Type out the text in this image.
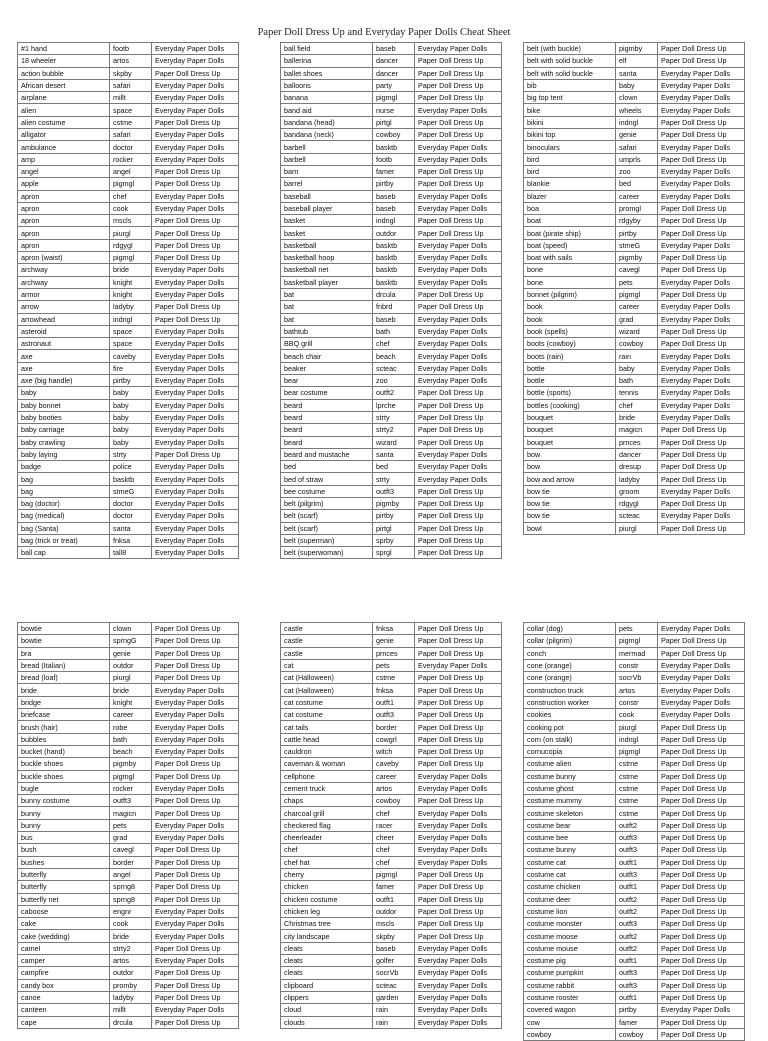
Paper Doll Dress Up and Everyday Paper Dolls Cheat Sheet
#1 hand	footb	Everyday Paper Dolls
18 wheeler	artos	Everyday Paper Dolls
action bubble	skpby	Paper Doll Dress Up
African desert	safari	Everyday Paper Dolls
airplane	millt	Everyday Paper Dolls
alien	space	Everyday Paper Dolls
alien costume	cstme	Paper Doll Dress Up
alligator	safari	Everyday Paper Dolls
ambulance	doctor	Everyday Paper Dolls
amp	rocker	Everyday Paper Dolls
angel	angel	Paper Doll Dress Up
apple	pigmgl	Paper Doll Dress Up
apron	chef	Everyday Paper Dolls
apron	cook	Everyday Paper Dolls
apron	mscls	Paper Doll Dress Up
apron	piurgl	Paper Doll Dress Up
apron	rdgygl	Paper Doll Dress Up
apron (waist)	pigmgl	Paper Doll Dress Up
archway	bride	Everyday Paper Dolls
archway	knight	Everyday Paper Dolls
armor	knight	Everyday Paper Dolls
arrow	ladyby	Paper Doll Dress Up
arrowhead	indngl	Paper Doll Dress Up
asteroid	space	Everyday Paper Dolls
astronaut	space	Everyday Paper Dolls
axe	caveby	Everyday Paper Dolls
axe	fire	Everyday Paper Dolls
axe (big handle)	pirtby	Everyday Paper Dolls
baby	baby	Everyday Paper Dolls
baby bonnet	baby	Everyday Paper Dolls
baby booties	baby	Everyday Paper Dolls
baby carriage	baby	Everyday Paper Dolls
baby crawling	baby	Everyday Paper Dolls
baby laying	strty	Paper Doll Dress Up
badge	police	Everyday Paper Dolls
bag	basktb	Everyday Paper Dolls
bag	stmeG	Everyday Paper Dolls
bag (doctor)	doctor	Everyday Paper Dolls
bag (medical)	doctor	Everyday Paper Dolls
bag (Santa)	santa	Everyday Paper Dolls
bag (trick or treat)	fnksa	Everyday Paper Dolls
ball cap	tall8	Everyday Paper Dolls
ball field	baseb	Everyday Paper Dolls
ballerina	dancer	Paper Doll Dress Up
ballet shoes	dancer	Paper Doll Dress Up
balloons	party	Paper Doll Dress Up
banana	pigmgl	Paper Doll Dress Up
band aid	nurse	Everyday Paper Dolls
bandana (head)	pirtgl	Paper Doll Dress Up
bandana (neck)	cowboy	Paper Doll Dress Up
barbell	basktb	Everyday Paper Dolls
barbell	footb	Everyday Paper Dolls
barn	famer	Paper Doll Dress Up
barrel	pirtby	Paper Doll Dress Up
baseball	baseb	Everyday Paper Dolls
baseball player	baseb	Everyday Paper Dolls
basket	indngl	Paper Doll Dress Up
basket	outdor	Paper Doll Dress Up
basketball	basktb	Everyday Paper Dolls
basketball hoop	basktb	Everyday Paper Dolls
basketball net	basktb	Everyday Paper Dolls
basketball player	basktb	Everyday Paper Dolls
bat	drcula	Paper Doll Dress Up
bat	fnbrd	Paper Doll Dress Up
bat	baseb	Everyday Paper Dolls
bathtub	bath	Everyday Paper Dolls
BBQ grill	chef	Everyday Paper Dolls
beach chair	beach	Everyday Paper Dolls
beaker	scteac	Everyday Paper Dolls
bear	zoo	Everyday Paper Dolls
bear costume	outft2	Paper Doll Dress Up
beard	lprche	Paper Doll Dress Up
beard	strty	Paper Doll Dress Up
beard	strty2	Paper Doll Dress Up
beard	wizard	Paper Doll Dress Up
beard and mustache	santa	Everyday Paper Dolls
bed	bed	Everyday Paper Dolls
bed of straw	strty	Everyday Paper Dolls
bee costume	outft3	Paper Doll Dress Up
belt (pilgrim)	pigmby	Paper Doll Dress Up
belt (scarf)	pirtby	Paper Doll Dress Up
belt (scarf)	pirtgl	Paper Doll Dress Up
belt (superman)	sprby	Paper Doll Dress Up
belt (superwoman)	sprgl	Paper Doll Dress Up
belt (with buckle)	pigmby	Paper Doll Dress Up
belt with solid buckle	elf	Paper Doll Dress Up
belt with solid buckle	santa	Everyday Paper Dolls
bib	baby	Everyday Paper Dolls
big top tent	clown	Everyday Paper Dolls
bike	wheels	Everyday Paper Dolls
bikini	indngl	Paper Doll Dress Up
bikini top	genie	Paper Doll Dress Up
binoculars	safari	Everyday Paper Dolls
bird	umprls	Paper Doll Dress Up
bird	zoo	Everyday Paper Dolls
blankie	bed	Everyday Paper Dolls
blazer	career	Everyday Paper Dolls
boa	promgl	Paper Doll Dress Up
boat	rdgyby	Paper Doll Dress Up
boat (pirate ship)	pirtby	Paper Doll Dress Up
boat (speed)	stmeG	Everyday Paper Dolls
boat with sails	pigmby	Paper Doll Dress Up
bone	cavegl	Paper Doll Dress Up
bone	pets	Everyday Paper Dolls
bonnet (pilgrim)	pigmgl	Paper Doll Dress Up
book	career	Everyday Paper Dolls
book	grad	Everyday Paper Dolls
book (spells)	wizard	Paper Doll Dress Up
boots (cowboy)	cowboy	Paper Doll Dress Up
boots (rain)	rain	Everyday Paper Dolls
bottle	baby	Everyday Paper Dolls
bottle	bath	Everyday Paper Dolls
bottle (sports)	tennis	Everyday Paper Dolls
bottles (cooking)	chef	Everyday Paper Dolls
bouquet	bride	Everyday Paper Dolls
bouquet	magicn	Paper Doll Dress Up
bouquet	prnces	Paper Doll Dress Up
bow	dancer	Paper Doll Dress Up
bow	dresup	Paper Doll Dress Up
bow and arrow	ladyby	Paper Doll Dress Up
bow tie	groom	Everyday Paper Dolls
bow tie	rdgygl	Paper Doll Dress Up
bow tie	scteac	Everyday Paper Dolls
bowl	piurgl	Paper Doll Dress Up
bowtie	clown	Paper Doll Dress Up
bowtie	sprngG	Paper Doll Dress Up
bra	genie	Paper Doll Dress Up
bread (Italian)	outdor	Paper Doll Dress Up
bread (loaf)	piurgl	Paper Doll Dress Up
bride	bride	Everyday Paper Dolls
bridge	knight	Everyday Paper Dolls
briefcase	career	Everyday Paper Dolls
brush (hair)	robe	Everyday Paper Dolls
bubbles	bath	Everyday Paper Dolls
bucket (hand)	beach	Everyday Paper Dolls
buckle shoes	pigmby	Paper Doll Dress Up
buckle shoes	pigmgl	Paper Doll Dress Up
bugle	rocker	Everyday Paper Dolls
bunny costume	outft3	Paper Doll Dress Up
bunny	magicn	Paper Doll Dress Up
bunny	pets	Everyday Paper Dolls
bus	grad	Everyday Paper Dolls
bush	cavegl	Paper Doll Dress Up
bushes	border	Paper Doll Dress Up
butterfly	angel	Paper Doll Dress Up
butterfly	sprng8	Paper Doll Dress Up
butterfly net	sprng8	Paper Doll Dress Up
caboose	engnr	Everyday Paper Dolls
cake	cook	Everyday Paper Dolls
cake (wedding)	bride	Everyday Paper Dolls
camel	strty2	Paper Doll Dress Up
camper	artos	Everyday Paper Dolls
campfire	outdor	Paper Doll Dress Up
candy box	promby	Paper Doll Dress Up
canoe	ladyby	Paper Doll Dress Up
canteen	millt	Everyday Paper Dolls
cape	drcula	Paper Doll Dress Up
castle	fnksa	Paper Doll Dress Up
castle	genie	Paper Doll Dress Up
castle	prnces	Paper Doll Dress Up
cat	pets	Everyday Paper Dolls
cat (Halloween)	cstme	Paper Doll Dress Up
cat (Halloween)	fnksa	Paper Doll Dress Up
cat costume	outft1	Paper Doll Dress Up
cat costume	outft3	Paper Doll Dress Up
cat tails	border	Paper Doll Dress Up
cattle head	cowgrl	Paper Doll Dress Up
cauldron	witch	Paper Doll Dress Up
caveman & woman	caveby	Paper Doll Dress Up
cellphone	career	Everyday Paper Dolls
cement truck	artos	Everyday Paper Dolls
chaps	cowboy	Paper Doll Dress Up
charcoal grill	chef	Everyday Paper Dolls
checkered flag	racer	Everyday Paper Dolls
cheerleader	cheer	Everyday Paper Dolls
chef	chef	Everyday Paper Dolls
chef hat	chef	Everyday Paper Dolls
cherry	pigmgl	Paper Doll Dress Up
chicken	famer	Paper Doll Dress Up
chicken costume	outft1	Paper Doll Dress Up
chicken leg	outdor	Paper Doll Dress Up
Christmas tree	mscls	Paper Doll Dress Up
city landscape	skpby	Paper Doll Dress Up
cleats	baseb	Everyday Paper Dolls
cleats	golfer	Everyday Paper Dolls
cleats	socrVb	Everyday Paper Dolls
clipboard	scteac	Everyday Paper Dolls
clippers	garden	Everyday Paper Dolls
cloud	rain	Everyday Paper Dolls
clouds	rain	Everyday Paper Dolls
collar (dog)	pets	Everyday Paper Dolls
collar (pilgrim)	pigmgl	Paper Doll Dress Up
conch	mermad	Paper Doll Dress Up
cone (orange)	constr	Everyday Paper Dolls
cone (orange)	socrVb	Everyday Paper Dolls
construction truck	artos	Everyday Paper Dolls
construction worker	constr	Everyday Paper Dolls
cookies	cook	Everyday Paper Dolls
cooking pot	piurgl	Paper Doll Dress Up
corn (on stalk)	indngl	Paper Doll Dress Up
cornucopia	pigmgl	Paper Doll Dress Up
costume alien	cstme	Paper Doll Dress Up
costume bunny	cstme	Paper Doll Dress Up
costume ghost	cstme	Paper Doll Dress Up
costume mummy	cstme	Paper Doll Dress Up
costume skeleton	cstme	Paper Doll Dress Up
costume bear	outft2	Paper Doll Dress Up
costume bee	outft3	Paper Doll Dress Up
costume bunny	outft3	Paper Doll Dress Up
costume cat	outft1	Paper Doll Dress Up
costume cat	outft3	Paper Doll Dress Up
costume chicken	outft1	Paper Doll Dress Up
costume deer	outft2	Paper Doll Dress Up
costume lion	outft2	Paper Doll Dress Up
costume monster	outft3	Paper Doll Dress Up
costume moose	outft2	Paper Doll Dress Up
costume mouse	outft2	Paper Doll Dress Up
costume pig	outft1	Paper Doll Dress Up
costume pumpkin	outft3	Paper Doll Dress Up
costume rabbit	outft3	Paper Doll Dress Up
costume rooster	outft1	Paper Doll Dress Up
covered wagon	pirtby	Everyday Paper Dolls
cow	famer	Paper Doll Dress Up
cowboy	cowboy	Paper Doll Dress Up
